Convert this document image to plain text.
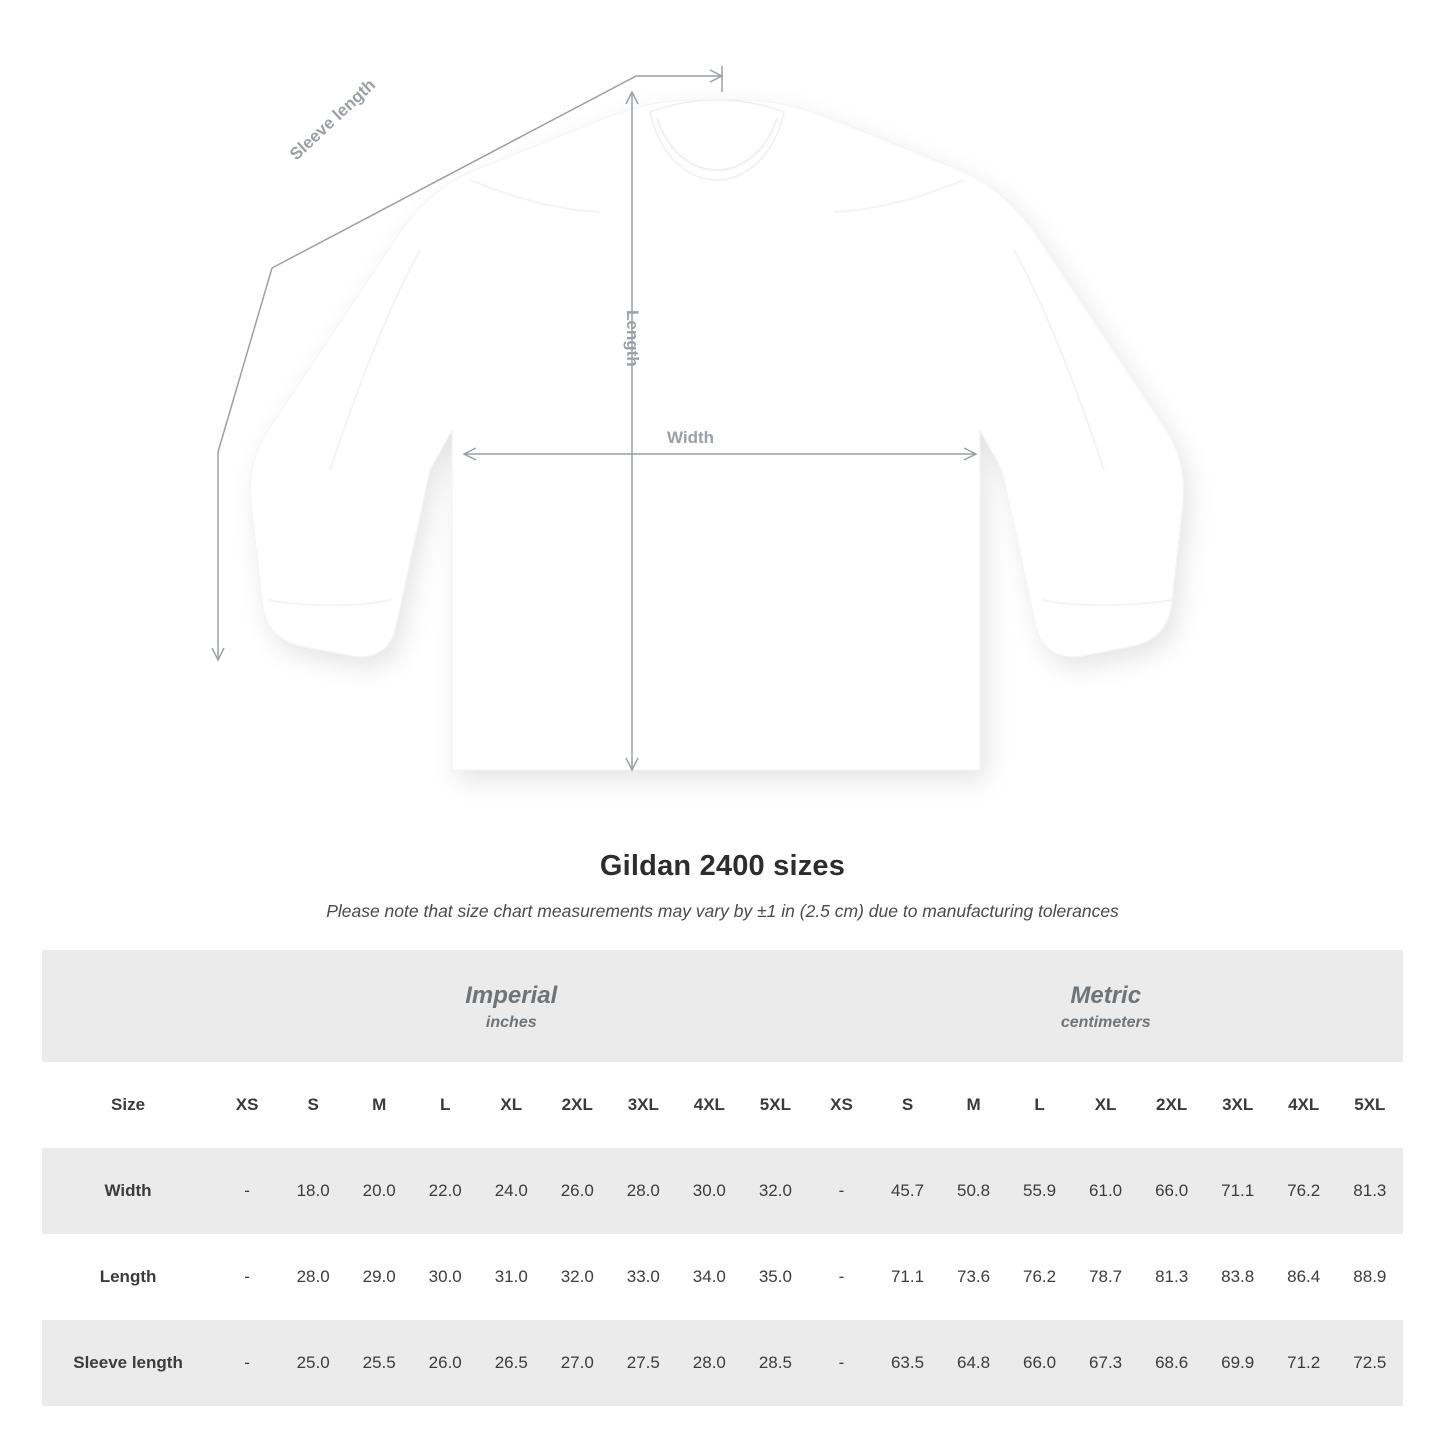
Sleeve length
Length
Width
Gildan 2400 sizes
Please note that size chart measurements may vary by ±1 in (2.5 cm) due to manufacturing tolerances

	Imperial
inches									Metric
centimeters								

Size	XS	S	M	L	XL	2XL	3XL	4XL	5XL	XS	S	M	L	XL	2XL	3XL	4XL	5XL
Width	-	18.0	20.0	22.0	24.0	26.0	28.0	30.0	32.0	-	45.7	50.8	55.9	61.0	66.0	71.1	76.2	81.3
Length	-	28.0	29.0	30.0	31.0	32.0	33.0	34.0	35.0	-	71.1	73.6	76.2	78.7	81.3	83.8	86.4	88.9
Sleeve length	-	25.0	25.5	26.0	26.5	27.0	27.5	28.0	28.5	-	63.5	64.8	66.0	67.3	68.6	69.9	71.2	72.5
